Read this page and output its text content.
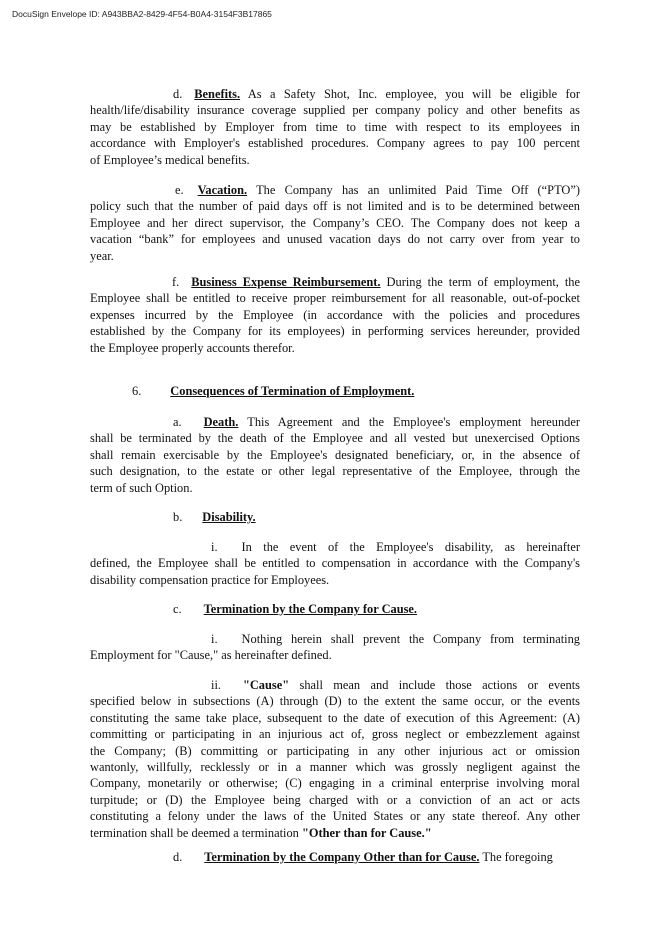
DocuSign Envelope ID: A943BBA2-8429-4F54-B0A4-3154F3B17865
d. Benefits. As a Safety Shot, Inc. employee, you will be eligible for
health/life/disability insurance coverage supplied per company policy and other benefits as
may be established by Employer from time to time with respect to its employees in
accordance with Employer's established procedures. Company agrees to pay 100 percent
of Employee’s medical benefits.
e. Vacation. The Company has an unlimited Paid Time Off (“PTO”)
policy such that the number of paid days off is not limited and is to be determined between
Employee and her direct supervisor, the Company’s CEO. The Company does not keep a
vacation “bank” for employees and unused vacation days do not carry over from year to
year.
f. Business Expense Reimbursement. During the term of employment, the
Employee shall be entitled to receive proper reimbursement for all reasonable, out-of-pocket
expenses incurred by the Employee (in accordance with the policies and procedures
established by the Company for its employees) in performing services hereunder, provided
the Employee properly accounts therefor.
6. Consequences of Termination of Employment.
a. Death. This Agreement and the Employee's employment hereunder
shall be terminated by the death of the Employee and all vested but unexercised Options
shall remain exercisable by the Employee's designated beneficiary, or, in the absence of
such designation, to the estate or other legal representative of the Employee, through the
term of such Option.
b. Disability.
i. In the event of the Employee's disability, as hereinafter
defined, the Employee shall be entitled to compensation in accordance with the Company's
disability compensation practice for Employees.
c. Termination by the Company for Cause.
i. Nothing herein shall prevent the Company from terminating
Employment for "Cause," as hereinafter defined.
ii. "Cause" shall mean and include those actions or events
specified below in subsections (A) through (D) to the extent the same occur, or the events
constituting the same take place, subsequent to the date of execution of this Agreement: (A)
committing or participating in an injurious act of, gross neglect or embezzlement against
the Company; (B) committing or participating in any other injurious act or omission
wantonly, willfully, recklessly or in a manner which was grossly negligent against the
Company, monetarily or otherwise; (C) engaging in a criminal enterprise involving moral
turpitude; or (D) the Employee being charged with or a conviction of an act or acts
constituting a felony under the laws of the United States or any state thereof. Any other
termination shall be deemed a termination "Other than for Cause."
d. Termination by the Company Other than for Cause. The foregoing
